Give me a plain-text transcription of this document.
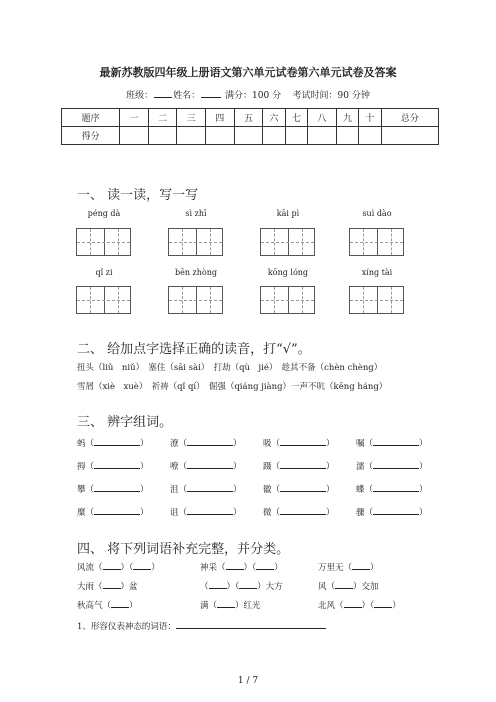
最新苏教版四年级上册语文第六单元试卷第六单元试卷及答案
班级： 姓名：	满分：100 分 考试时间：90 分钟
题序	一	二	三	四	五	六	七	八	九	十	总分
得分											
一、 读一读，写一写
péng dà	sì zhī	kāi pì	suì dào
qǐ zi	bēn zhòng	kōng lóng	xíng tài
二、 给加点字选择正确的读音，打“√”。
扭头（liǔ　niǔ）　塞住（sāi sài）　打劫（qù　jié）　趁其不备（chèn chèng）
雪屑（xiè　xuè）　祈祷（qǐ qí）　倔强（qiáng jiàng）一声不吭（kēng háng）
三、 辨字组词。
蚂（	）	潦（	）	吸（	）	嘱（	）
拇（	）	嘹（	）	蹑（	）	濡（	）
攀（	）	沮（	）	徽（	）	蝶（	）
糜（	）	诅（	）	微（	）	骤（	）
四、 将下列词语补充完整，并分类。
风流（ ）（ ）	神采（ ）（ ）	万里无（ ）
大雨（ ）盆	（ ）（ ）大方	风（ ）交加
秋高气（ ）	满（ ）红光	北风（ ）（ ）
1、形容仪表神态的词语：
1 / 7
